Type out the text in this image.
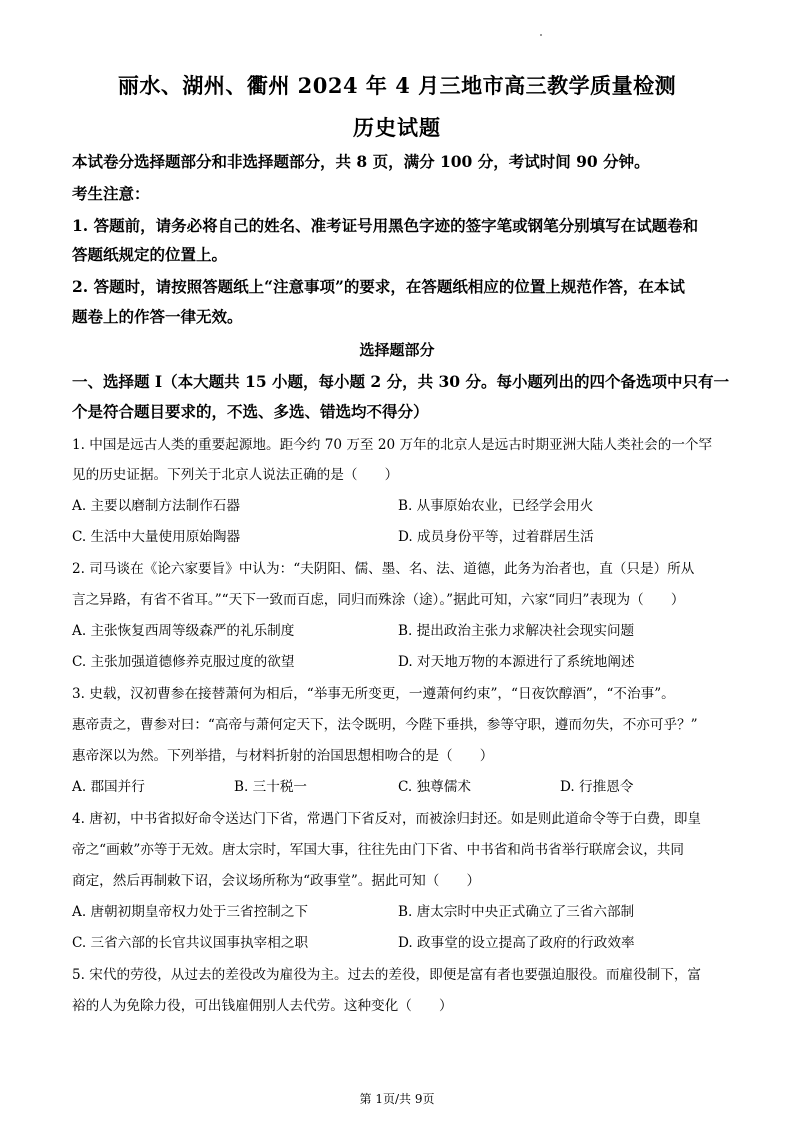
丽水、湖州、衢州 2024 年 4 月三地市高三教学质量检测
历史试题
本试卷分选择题部分和非选择题部分，共 8 页，满分 100 分，考试时间 90 分钟。
考生注意：
1. 答题前，请务必将自己的姓名、准考证号用黑色字迹的签字笔或钢笔分别填写在试题卷和
答题纸规定的位置上。
2. 答题时，请按照答题纸上“注意事项”的要求，在答题纸相应的位置上规范作答，在本试
题卷上的作答一律无效。
选择题部分
一、选择题 I（本大题共 15 小题，每小题 2 分，共 30 分。每小题列出的四个备选项中只有一
个是符合题目要求的，不选、多选、错选均不得分）
1. 中国是远古人类的重要起源地。距今约 70 万至 20 万年的北京人是远古时期亚洲大陆人类社会的一个罕
见的历史证据。下列关于北京人说法正确的是（　　）
A. 主要以磨制方法制作石器	B. 从事原始农业，已经学会用火
C. 生活中大量使用原始陶器	D. 成员身份平等，过着群居生活
2. 司马谈在《论六家要旨》中认为：“夫阴阳、儒、墨、名、法、道德，此务为治者也，直（只是）所从
言之异路，有省不省耳。”“天下一致而百虑，同归而殊涂（途）。”据此可知，六家“同归”表现为（　　）
A. 主张恢复西周等级森严的礼乐制度	B. 提出政治主张力求解决社会现实问题
C. 主张加强道德修养克服过度的欲望	D. 对天地万物的本源进行了系统地阐述
3. 史载，汉初曹参在接替萧何为相后，“举事无所变更，一遵萧何约束”，“日夜饮醇酒”，“不治事”。
惠帝责之，曹参对曰：“高帝与萧何定天下，法令既明，今陛下垂拱，参等守职，遵而勿失，不亦可乎？”
惠帝深以为然。下列举措，与材料折射的治国思想相吻合的是（　　）
A. 郡国并行	B. 三十税一	C. 独尊儒术	D. 行推恩令
4. 唐初，中书省拟好命令送达门下省，常遇门下省反对，而被涂归封还。如是则此道命令等于白费，即皇
帝之“画敕”亦等于无效。唐太宗时，军国大事，往往先由门下省、中书省和尚书省举行联席会议，共同
商定，然后再制敕下诏，会议场所称为“政事堂”。据此可知（　　）
A. 唐朝初期皇帝权力处于三省控制之下	B. 唐太宗时中央正式确立了三省六部制
C. 三省六部的长官共议国事执宰相之职	D. 政事堂的设立提高了政府的行政效率
5. 宋代的劳役，从过去的差役改为雇役为主。过去的差役，即便是富有者也要强迫服役。而雇役制下，富
裕的人为免除力役，可出钱雇佣别人去代劳。这种变化（　　）
第 1页/共 9页
